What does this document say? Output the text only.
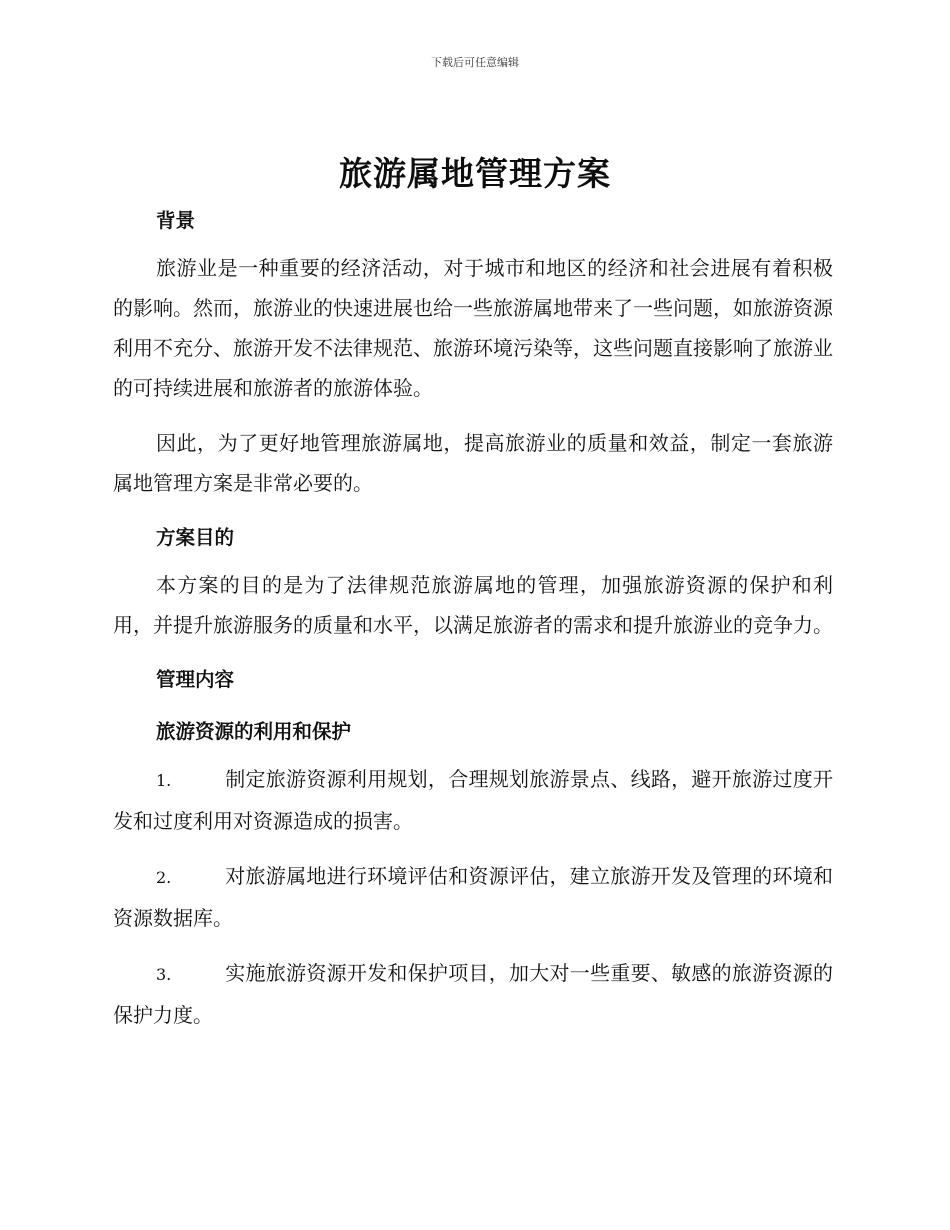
下载后可任意编辑
旅游属地管理方案
背景
旅游业是一种重要的经济活动，对于城市和地区的经济和社会进展有着积极的影响。然而，旅游业的快速进展也给一些旅游属地带来了一些问题，如旅游资源利用不充分、旅游开发不法律规范、旅游环境污染等，这些问题直接影响了旅游业的可持续进展和旅游者的旅游体验。
因此，为了更好地管理旅游属地，提高旅游业的质量和效益，制定一套旅游属地管理方案是非常必要的。
方案目的
本方案的目的是为了法律规范旅游属地的管理，加强旅游资源的保护和利用，并提升旅游服务的质量和水平，以满足旅游者的需求和提升旅游业的竞争力。
管理内容
旅游资源的利用和保护
1.	制定旅游资源利用规划，合理规划旅游景点、线路，避开旅游过度开发和过度利用对资源造成的损害。
2.	对旅游属地进行环境评估和资源评估，建立旅游开发及管理的环境和资源数据库。
3.	实施旅游资源开发和保护项目，加大对一些重要、敏感的旅游资源的保护力度。
